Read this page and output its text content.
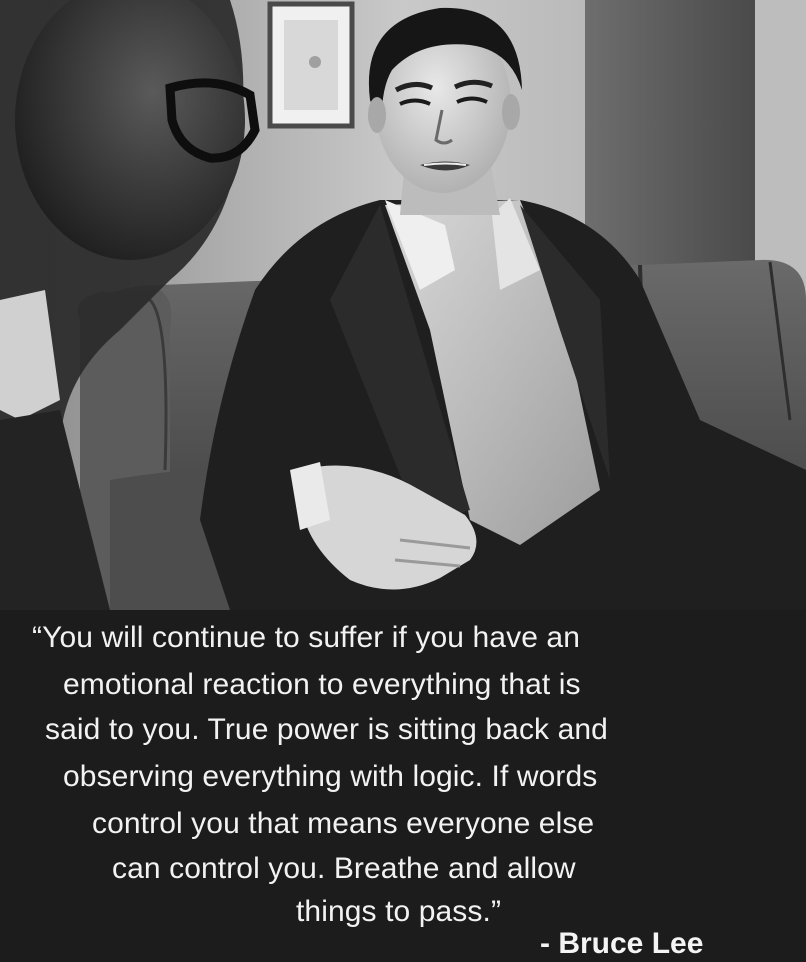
“You will continue to suffer if you have an
emotional reaction to everything that is
said to you. True power is sitting back and
observing everything with logic. If words
control you that means everyone else
can control you. Breathe and allow
things to pass.”
- Bruce Lee
